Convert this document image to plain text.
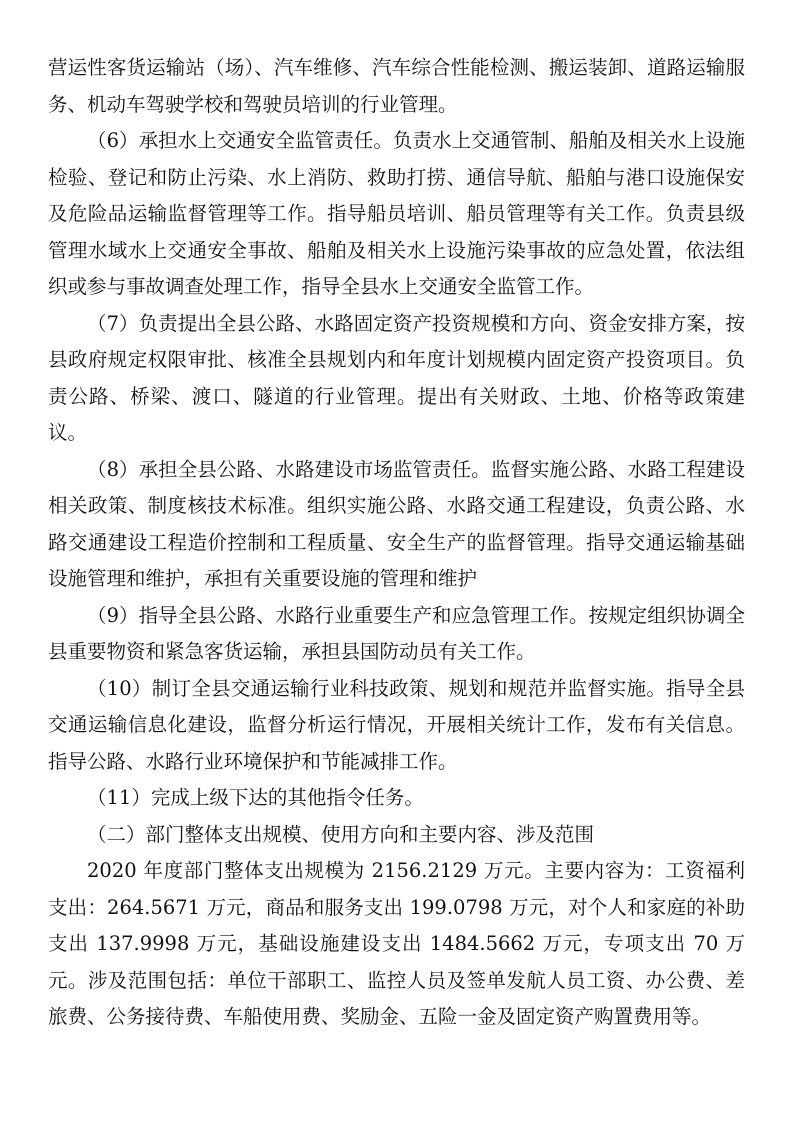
营运性客货运输站（场）、汽车维修、汽车综合性能检测、搬运装卸、道路运输服务、机动车驾驶学校和驾驶员培训的行业管理。

（6）承担水上交通安全监管责任。负责水上交通管制、船舶及相关水上设施检验、登记和防止污染、水上消防、救助打捞、通信导航、船舶与港口设施保安及危险品运输监督管理等工作。指导船员培训、船员管理等有关工作。负责县级管理水域水上交通安全事故、船舶及相关水上设施污染事故的应急处置，依法组织或参与事故调查处理工作，指导全县水上交通安全监管工作。

（7）负责提出全县公路、水路固定资产投资规模和方向、资金安排方案，按县政府规定权限审批、核准全县规划内和年度计划规模内固定资产投资项目。负责公路、桥梁、渡口、隧道的行业管理。提出有关财政、土地、价格等政策建议。

（8）承担全县公路、水路建设市场监管责任。监督实施公路、水路工程建设相关政策、制度核技术标准。组织实施公路、水路交通工程建设，负责公路、水路交通建设工程造价控制和工程质量、安全生产的监督管理。指导交通运输基础设施管理和维护，承担有关重要设施的管理和维护

（9）指导全县公路、水路行业重要生产和应急管理工作。按规定组织协调全县重要物资和紧急客货运输，承担县国防动员有关工作。

（10）制订全县交通运输行业科技政策、规划和规范并监督实施。指导全县交通运输信息化建设，监督分析运行情况，开展相关统计工作，发布有关信息。指导公路、水路行业环境保护和节能减排工作。

（11）完成上级下达的其他指令任务。

（二）部门整体支出规模、使用方向和主要内容、涉及范围

2020 年度部门整体支出规模为 2156.2129 万元。主要内容为：工资福利支出：264.5671 万元，商品和服务支出 199.0798 万元，对个人和家庭的补助支出 137.9998 万元，基础设施建设支出 1484.5662 万元，专项支出 70 万元。涉及范围包括：单位干部职工、监控人员及签单发航人员工资、办公费、差旅费、公务接待费、车船使用费、奖励金、五险一金及固定资产购置费用等。
